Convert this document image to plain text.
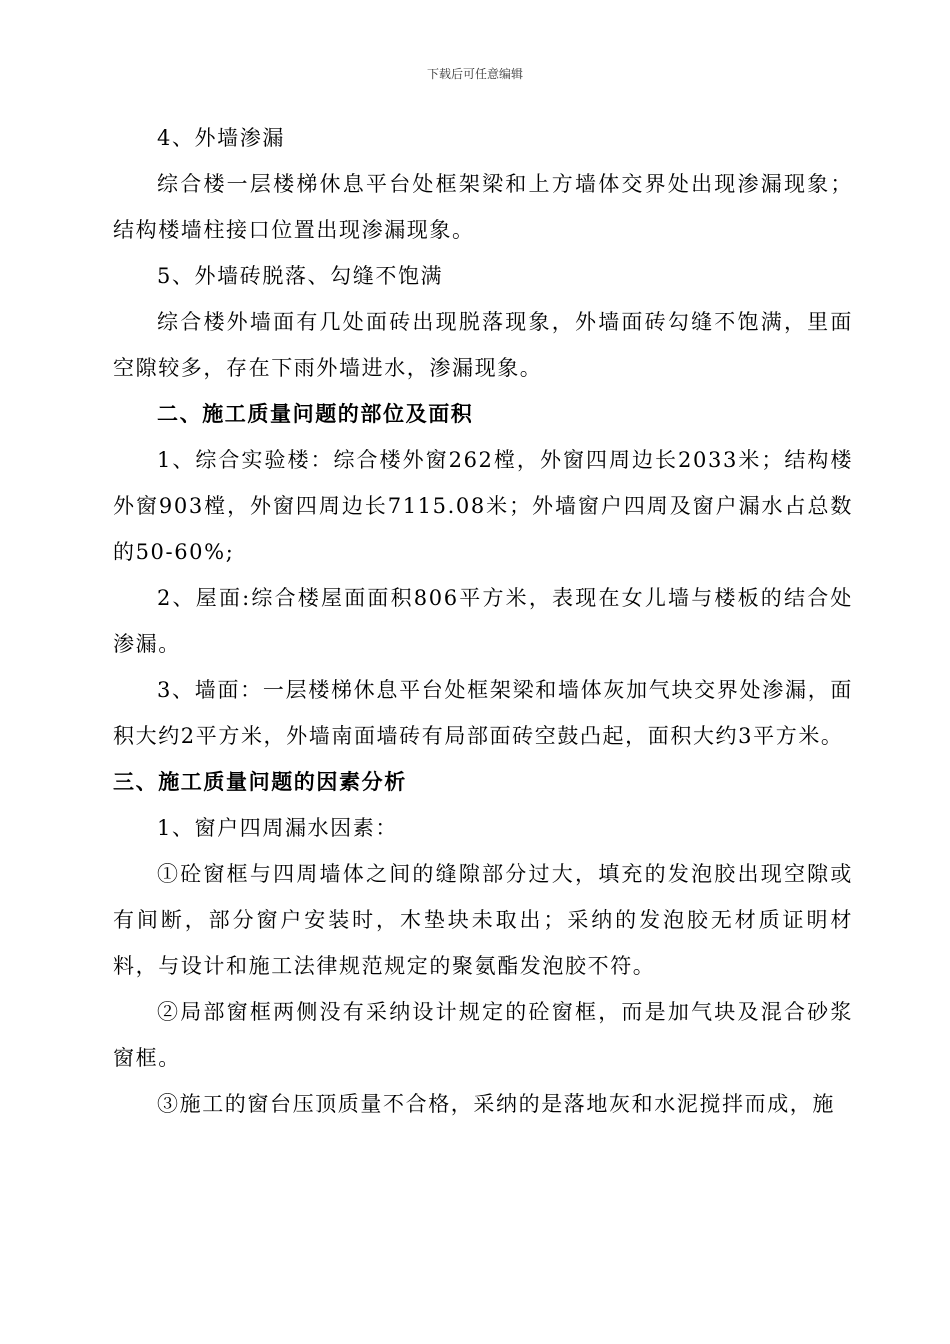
下载后可任意编辑

4、外墙渗漏

综合楼一层楼梯休息平台处框架梁和上方墙体交界处出现渗漏现象；结构楼墙柱接口位置出现渗漏现象。

5、外墙砖脱落、勾缝不饱满

综合楼外墙面有几处面砖出现脱落现象，外墙面砖勾缝不饱满，里面空隙较多，存在下雨外墙进水，渗漏现象。

二、施工质量问题的部位及面积

1、综合实验楼：综合楼外窗262樘，外窗四周边长2033米；结构楼外窗903樘，外窗四周边长7115.08米；外墙窗户四周及窗户漏水占总数的50-60%;

2、屋面:综合楼屋面面积806平方米，表现在女儿墙与楼板的结合处渗漏。

3、墙面：一层楼梯休息平台处框架梁和墙体灰加气块交界处渗漏，面积大约2平方米，外墙南面墙砖有局部面砖空鼓凸起，面积大约3平方米。

三、施工质量问题的因素分析

1、窗户四周漏水因素：

①砼窗框与四周墙体之间的缝隙部分过大，填充的发泡胶出现空隙或有间断，部分窗户安装时，木垫块未取出；采纳的发泡胶无材质证明材料，与设计和施工法律规范规定的聚氨酯发泡胶不符。

②局部窗框两侧没有采纳设计规定的砼窗框，而是加气块及混合砂浆窗框。

③施工的窗台压顶质量不合格，采纳的是落地灰和水泥搅拌而成，施
